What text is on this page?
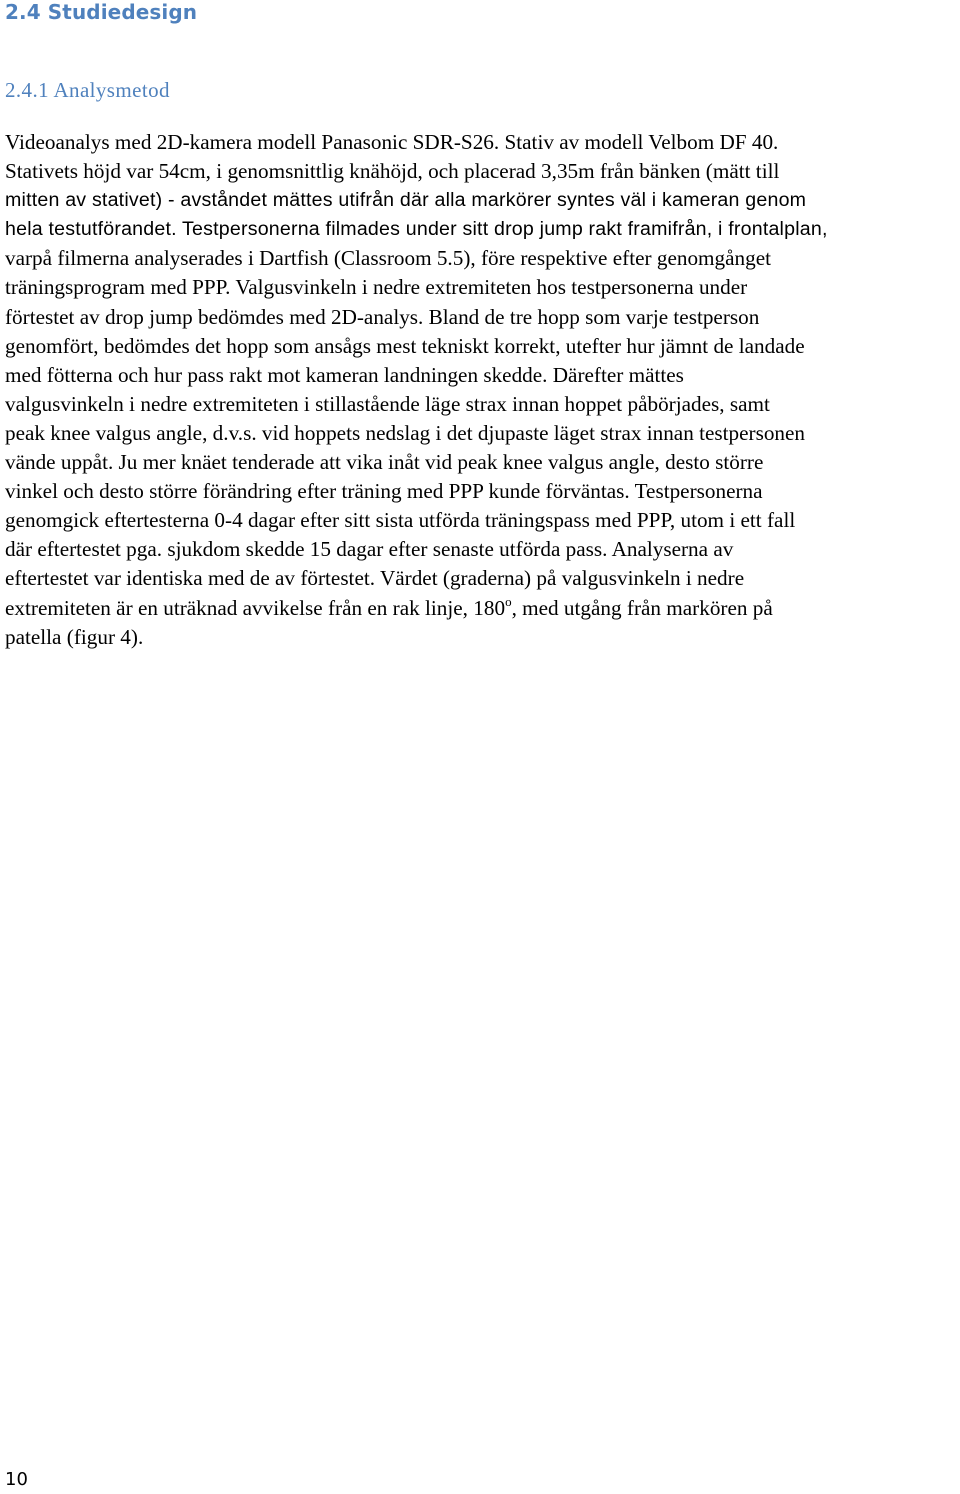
2.4 Studiedesign
2.4.1 Analysmetod
Videoanalys med 2D-kamera modell Panasonic SDR-S26. Stativ av modell Velbom DF 40.
Stativets höjd var 54cm, i genomsnittlig knähöjd, och placerad 3,35m från bänken (mätt till
mitten av stativet) - avståndet mättes utifrån där alla markörer syntes väl i kameran genom
hela testutförandet. Testpersonerna filmades under sitt drop jump rakt framifrån, i frontalplan,
varpå filmerna analyserades i Dartfish (Classroom 5.5), före respektive efter genomgånget
träningsprogram med PPP. Valgusvinkeln i nedre extremiteten hos testpersonerna under
förtestet av drop jump bedömdes med 2D-analys. Bland de tre hopp som varje testperson
genomfört, bedömdes det hopp som ansågs mest tekniskt korrekt, utefter hur jämnt de landade
med fötterna och hur pass rakt mot kameran landningen skedde. Därefter mättes
valgusvinkeln i nedre extremiteten i stillastående läge strax innan hoppet påbörjades, samt
peak knee valgus angle, d.v.s. vid hoppets nedslag i det djupaste läget strax innan testpersonen
vände uppåt. Ju mer knäet tenderade att vika inåt vid peak knee valgus angle, desto större
vinkel och desto större förändring efter träning med PPP kunde förväntas. Testpersonerna
genomgick eftertesterna 0-4 dagar efter sitt sista utförda träningspass med PPP, utom i ett fall
där eftertestet pga. sjukdom skedde 15 dagar efter senaste utförda pass. Analyserna av
eftertestet var identiska med de av förtestet. Värdet (graderna) på valgusvinkeln i nedre
extremiteten är en uträknad avvikelse från en rak linje, 180$^o$, med utgång från markören på
patella (figur 4).
10
